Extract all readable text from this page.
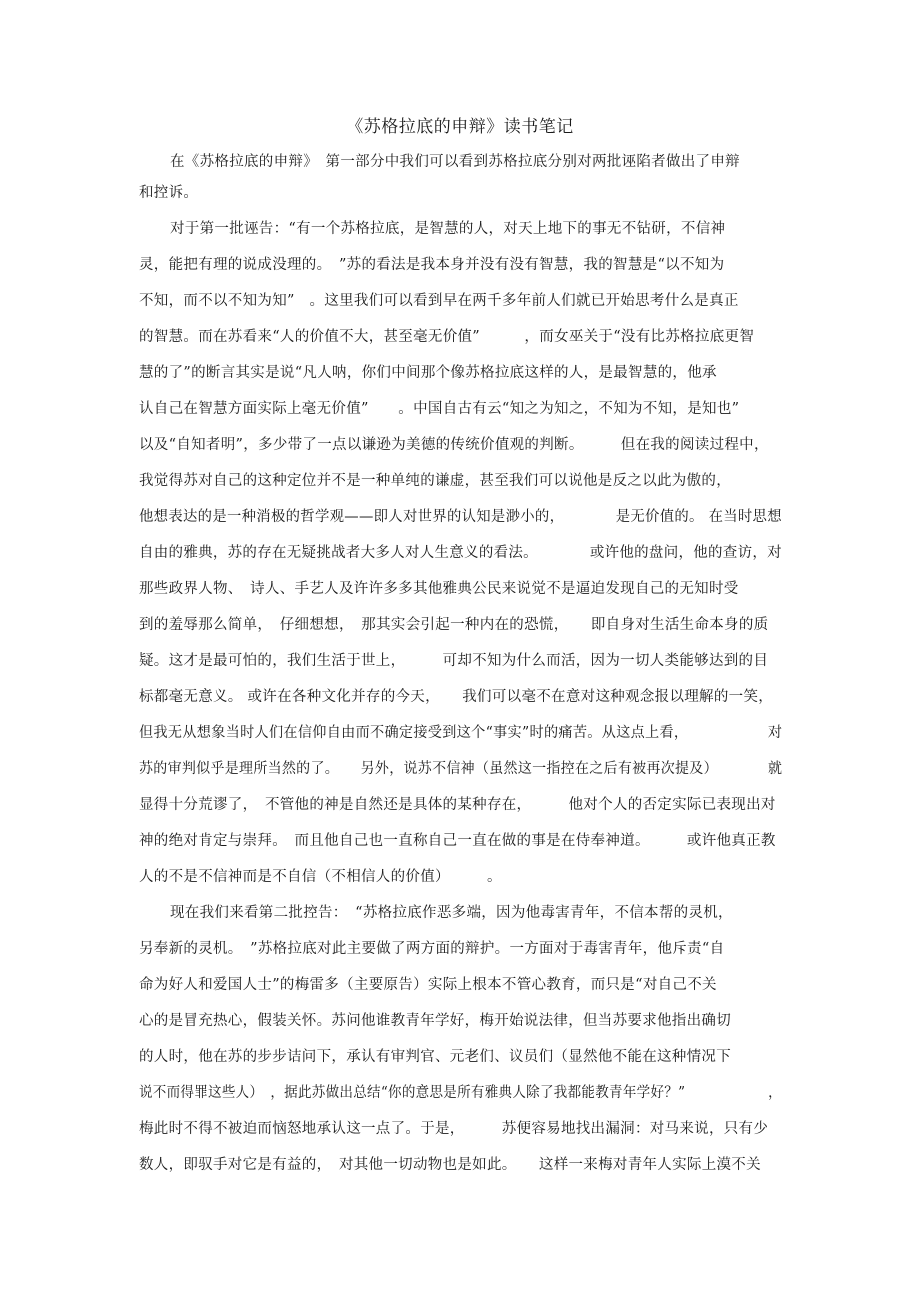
《苏格拉底的申辩》读书笔记
在《苏格拉底的申辩》　第一部分中我们可以看到苏格拉底分别对两批诬陷者做出了申辩
和控诉。
对于第一批诬告：“有一个苏格拉底，是智慧的人，对天上地下的事无不钻研，不信神
灵，能把有理的说成没理的。　”苏的看法是我本身并没有没有智慧，我的智慧是“以不知为
不知，而不以不知为知”　。这里我们可以看到早在两千多年前人们就已开始思考什么是真正
的智慧。而在苏看来“人的价值不大，甚至毫无价值”　　　，而女巫关于“没有比苏格拉底更智
慧的了”的断言其实是说“凡人呐，你们中间那个像苏格拉底这样的人，是最智慧的，他承
认自己在智慧方面实际上毫无价值”　　。中国自古有云“知之为知之，不知为不知，是知也”
以及“自知者明”，多少带了一点以谦逊为美德的传统价值观的判断。　　　但在我的阅读过程中，
我觉得苏对自己的这种定位并不是一种单纯的谦虚，甚至我们可以说他是反之以此为傲的，
他想表达的是一种消极的哲学观——即人对世界的认知是渺小的，　　　　是无价值的。 在当时思想
自由的雅典，苏的存在无疑挑战者大多人对人生意义的看法。　　　　或许他的盘问，他的查访，对
那些政界人物、　诗人、手艺人及许许多多其他雅典公民来说觉不是逼迫发现自己的无知时受
到的羞辱那么简单，　仔细想想，　那其实会引起一种内在的恐慌，　　即自身对生活生命本身的质
疑。这才是最可怕的，我们生活于世上，　　　可却不知为什么而活，因为一切人类能够达到的目
标都毫无意义。 或许在各种文化并存的今天，　　我们可以毫不在意对这种观念报以理解的一笑，
但我无从想象当时人们在信仰自由而不确定接受到这个“事实”时的痛苦。从这点上看，　　　　　　对
苏的审判似乎是理所当然的了。　　另外，说苏不信神（虽然这一指控在之后有被再次提及）　　　　就
显得十分荒谬了，　不管他的神是自然还是具体的某种存在，　　　他对个人的否定实际已表现出对
神的绝对肯定与崇拜。　而且他自己也一直称自己一直在做的事是在侍奉神道。　　　或许他真正教
人的不是不信神而是不自信（不相信人的价值）　　　。
现在我们来看第二批控告：　“苏格拉底作恶多端，因为他毒害青年，不信本帮的灵机，
另奉新的灵机。　”苏格拉底对此主要做了两方面的辩护。一方面对于毒害青年，他斥责“自
命为好人和爱国人士”的梅雷多（主要原告）实际上根本不管心教育，而只是“对自己不关
心的是冒充热心，假装关怀。苏问他谁教青年学好，梅开始说法律，但当苏要求他指出确切
的人时，他在苏的步步诘问下，承认有审判官、元老们、议员们（显然他不能在这种情况下
说不而得罪这些人）　，据此苏做出总结“你的意思是所有雅典人除了我都能教青年学好？”　　　　　　，
梅此时不得不被迫而恼怒地承认这一点了。于是，　　　苏便容易地找出漏洞：对马来说，只有少
数人，即驭手对它是有益的，　对其他一切动物也是如此。　　这样一来梅对青年人实际上漠不关
